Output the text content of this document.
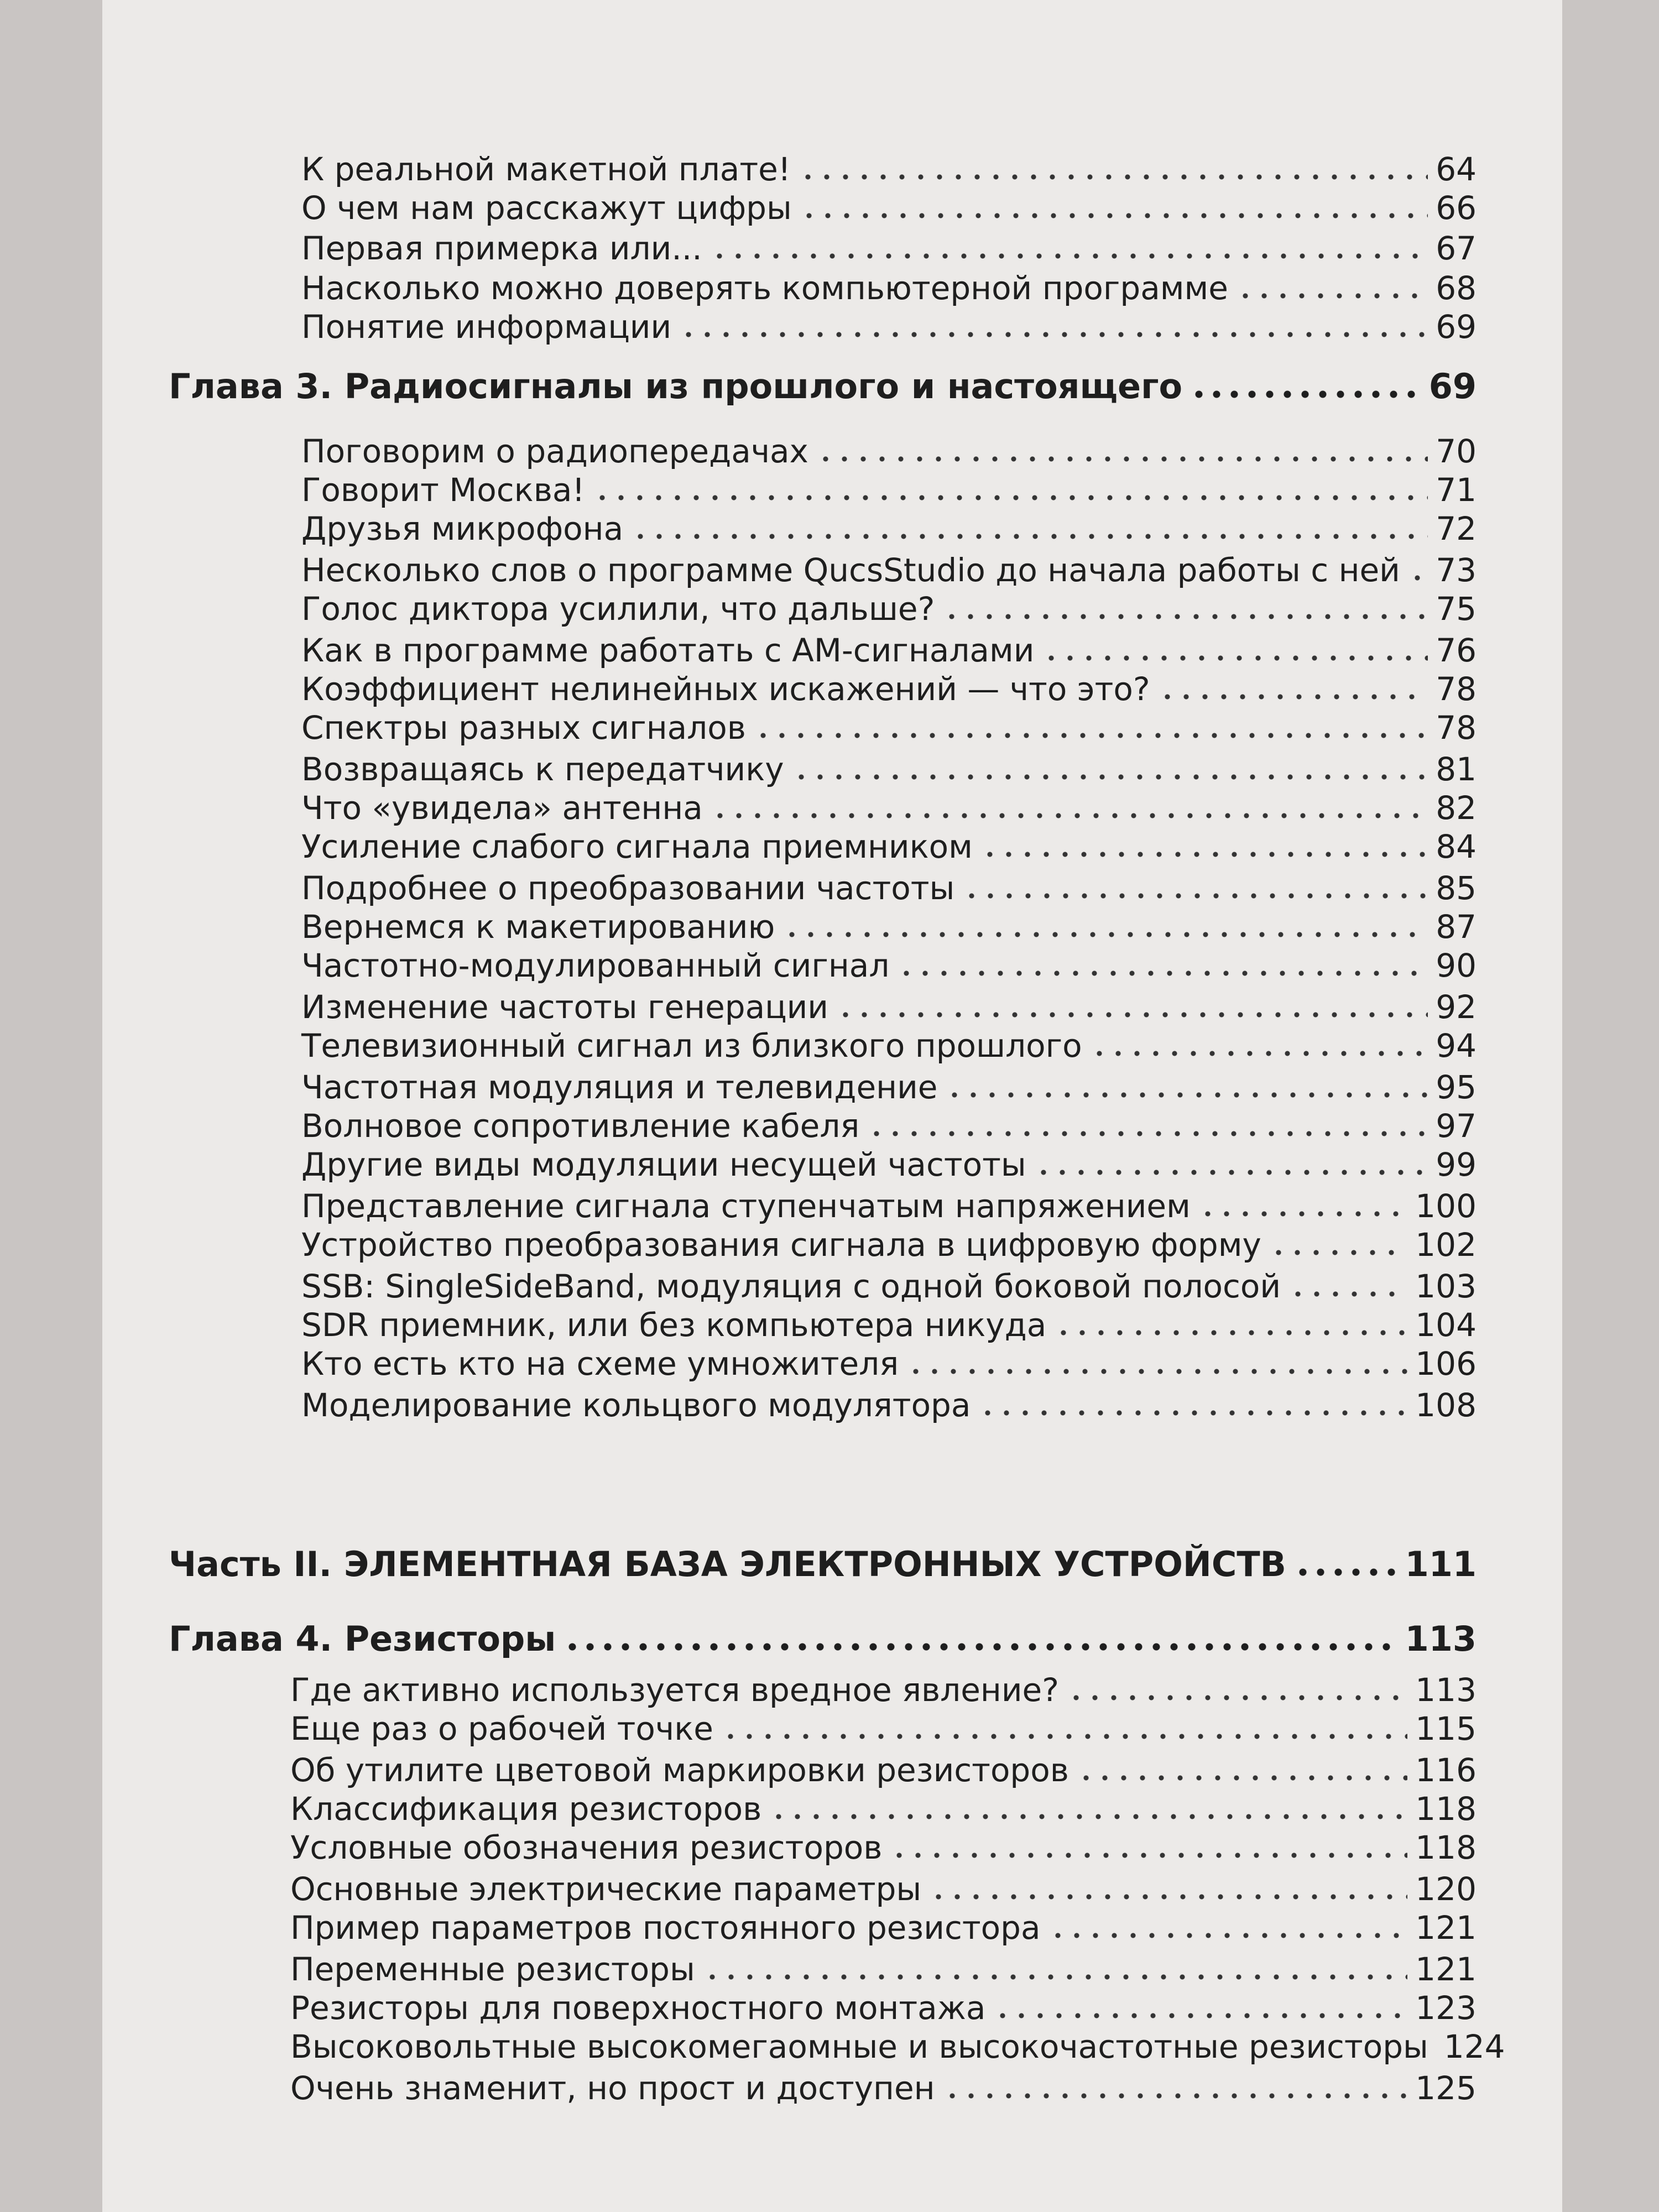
К реальной макетной плате!	64
О чем нам расскажут цифры	66
Первая примерка или...	67
Насколько можно доверять компьютерной программе	68
Понятие информации	69
Глава 3. Радиосигналы из прошлого и настоящего	69
Поговорим о радиопередачах	70
Говорит Москва!	71
Друзья микрофона	72
Несколько слов о программе QucsStudio до начала работы с ней 73
Голос диктора усилили, что дальше?	75
Как в программе работать с АМ-сигналами	76
Коэффициент нелинейных искажений — что это?	78
Спектры разных сигналов	78
Возвращаясь к передатчику	81
Что «увидела» антенна	82
Усиление слабого сигнала приемником	84
Подробнее о преобразовании частоты	85
Вернемся к макетированию	87
Частотно-модулированный сигнал	90
Изменение частоты генерации	92
Телевизионный сигнал из близкого прошлого	94
Частотная модуляция и телевидение	95
Волновое сопротивление кабеля	97
Другие виды модуляции несущей частоты	99
Представление сигнала ступенчатым напряжением	100
Устройство преобразования сигнала в цифровую форму	102
SSB: SingleSideBand, модуляция с одной боковой полосой	103
SDR приемник, или без компьютера никуда	104
Кто есть кто на схеме умножителя	106
Моделирование кольцвого модулятора	108
Часть II. ЭЛЕМЕНТНАЯ БАЗА ЭЛЕКТРОННЫХ УСТРОЙСТВ	111
Глава 4. Резисторы	113
Где активно используется вредное явление?	113
Еще раз о рабочей точке	115
Об утилите цветовой маркировки резисторов	116
Классификация резисторов	118
Условные обозначения резисторов	118
Основные электрические параметры	120
Пример параметров постоянного резистора	121
Переменные резисторы	121
Резисторы для поверхностного монтажа	123
Высоковольтные высокомегаомные и высокочастотные резисторы 124
Очень знаменит, но прост и доступен	125
